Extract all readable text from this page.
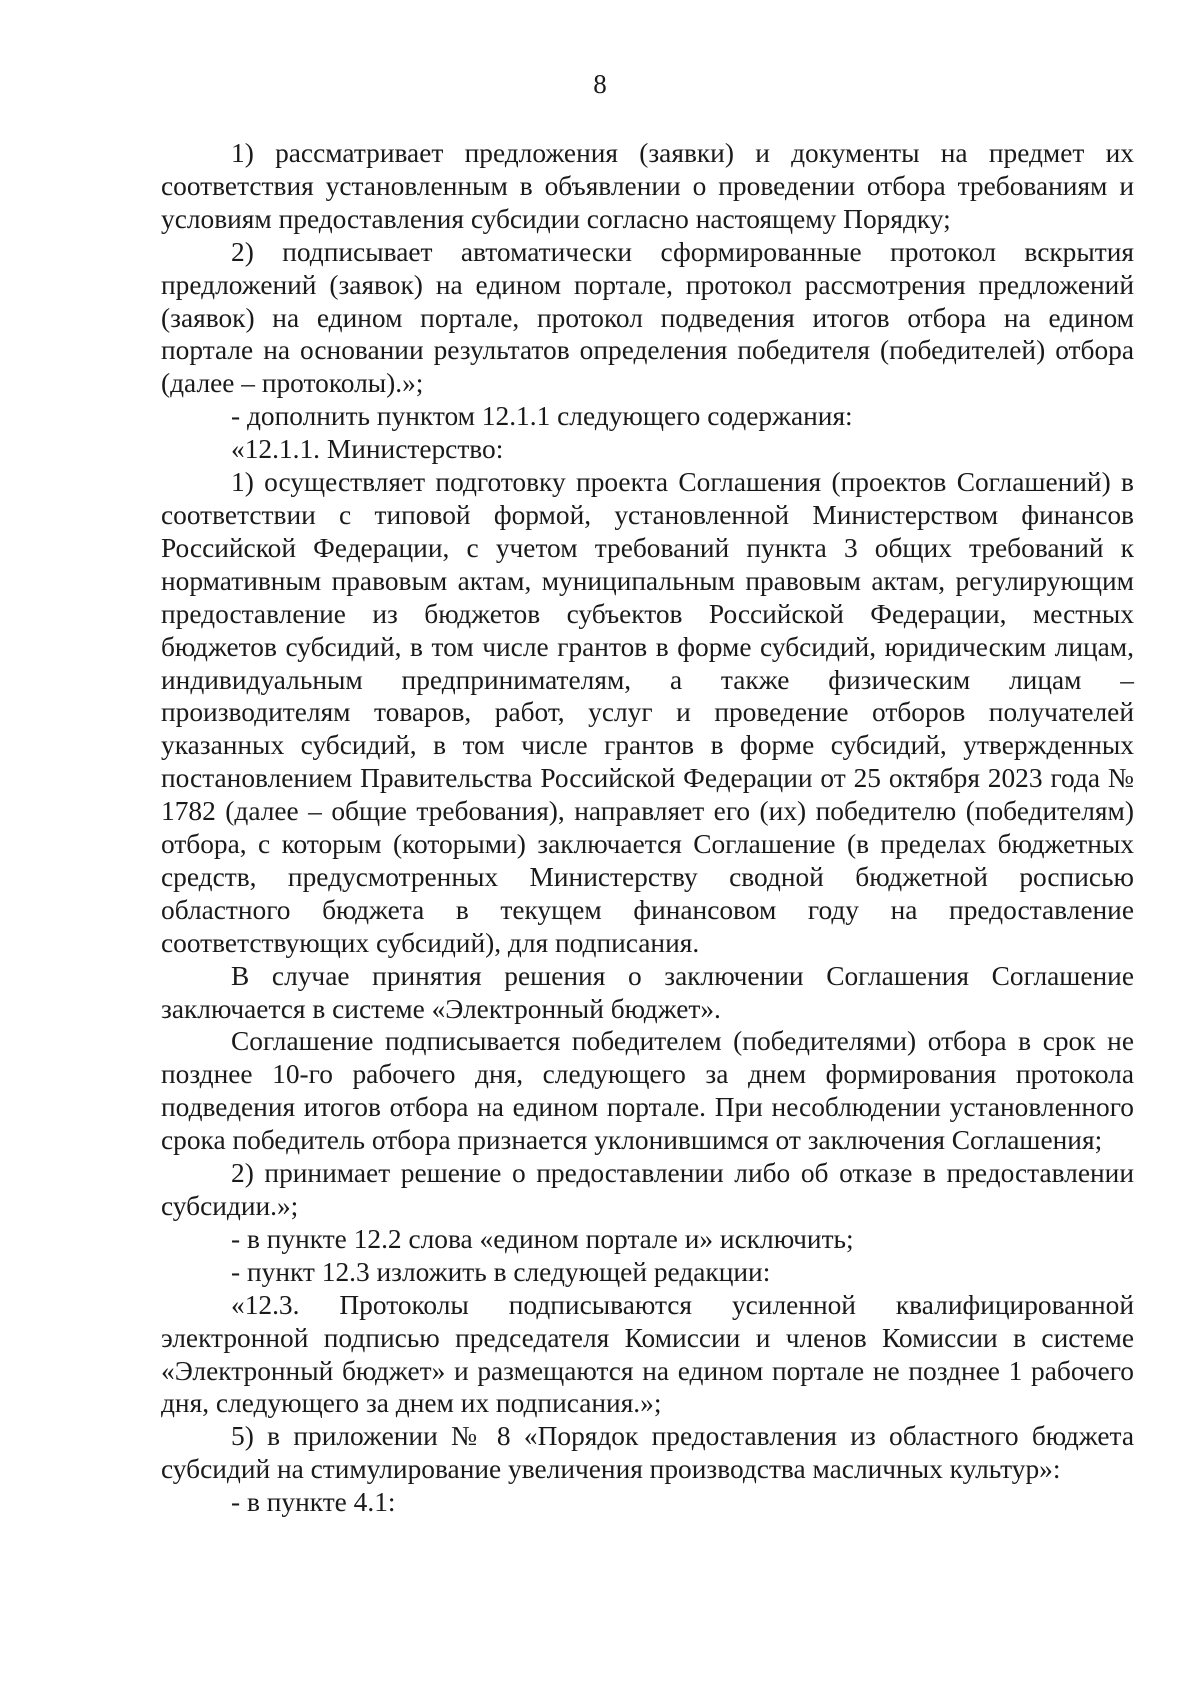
8

1) рассматривает предложения (заявки) и документы на предмет их соответствия установленным в объявлении о проведении отбора требованиям и условиям предоставления субсидии согласно настоящему Порядку;

2) подписывает автоматически сформированные протокол вскрытия предложений (заявок) на едином портале, протокол рассмотрения предложений (заявок) на едином портале, протокол подведения итогов отбора на едином портале на основании результатов определения победителя (победителей) отбора (далее – протоколы).»;

- дополнить пунктом 12.1.1 следующего содержания:

«12.1.1. Министерство:

1) осуществляет подготовку проекта Соглашения (проектов Соглашений) в соответствии с типовой формой, установленной Министерством финансов Российской Федерации, с учетом требований пункта 3 общих требований к нормативным правовым актам, муниципальным правовым актам, регулирующим предоставление из бюджетов субъектов Российской Федерации, местных бюджетов субсидий, в том числе грантов в форме субсидий, юридическим лицам, индивидуальным предпринимателям, а также физическим лицам – производителям товаров, работ, услуг и проведение отборов получателей указанных субсидий, в том числе грантов в форме субсидий, утвержденных постановлением Правительства Российской Федерации от 25 октября 2023 года № 1782 (далее – общие требования), направляет его (их) победителю (победителям) отбора, с которым (которыми) заключается Соглашение (в пределах бюджетных средств, предусмотренных Министерству сводной бюджетной росписью областного бюджета в текущем финансовом году на предоставление соответствующих субсидий), для подписания.

В случае принятия решения о заключении Соглашения Соглашение заключается в системе «Электронный бюджет».

Соглашение подписывается победителем (победителями) отбора в срок не позднее 10-го рабочего дня, следующего за днем формирования протокола подведения итогов отбора на едином портале. При несоблюдении установленного срока победитель отбора признается уклонившимся от заключения Соглашения;

2) принимает решение о предоставлении либо об отказе в предоставлении субсидии.»;

- в пункте 12.2 слова «едином портале и» исключить;

- пункт 12.3 изложить в следующей редакции:

«12.3. Протоколы подписываются усиленной квалифицированной электронной подписью председателя Комиссии и членов Комиссии в системе «Электронный бюджет» и размещаются на едином портале не позднее 1 рабочего дня, следующего за днем их подписания.»;

5) в приложении № 8 «Порядок предоставления из областного бюджета субсидий на стимулирование увеличения производства масличных культур»:

- в пункте 4.1:
